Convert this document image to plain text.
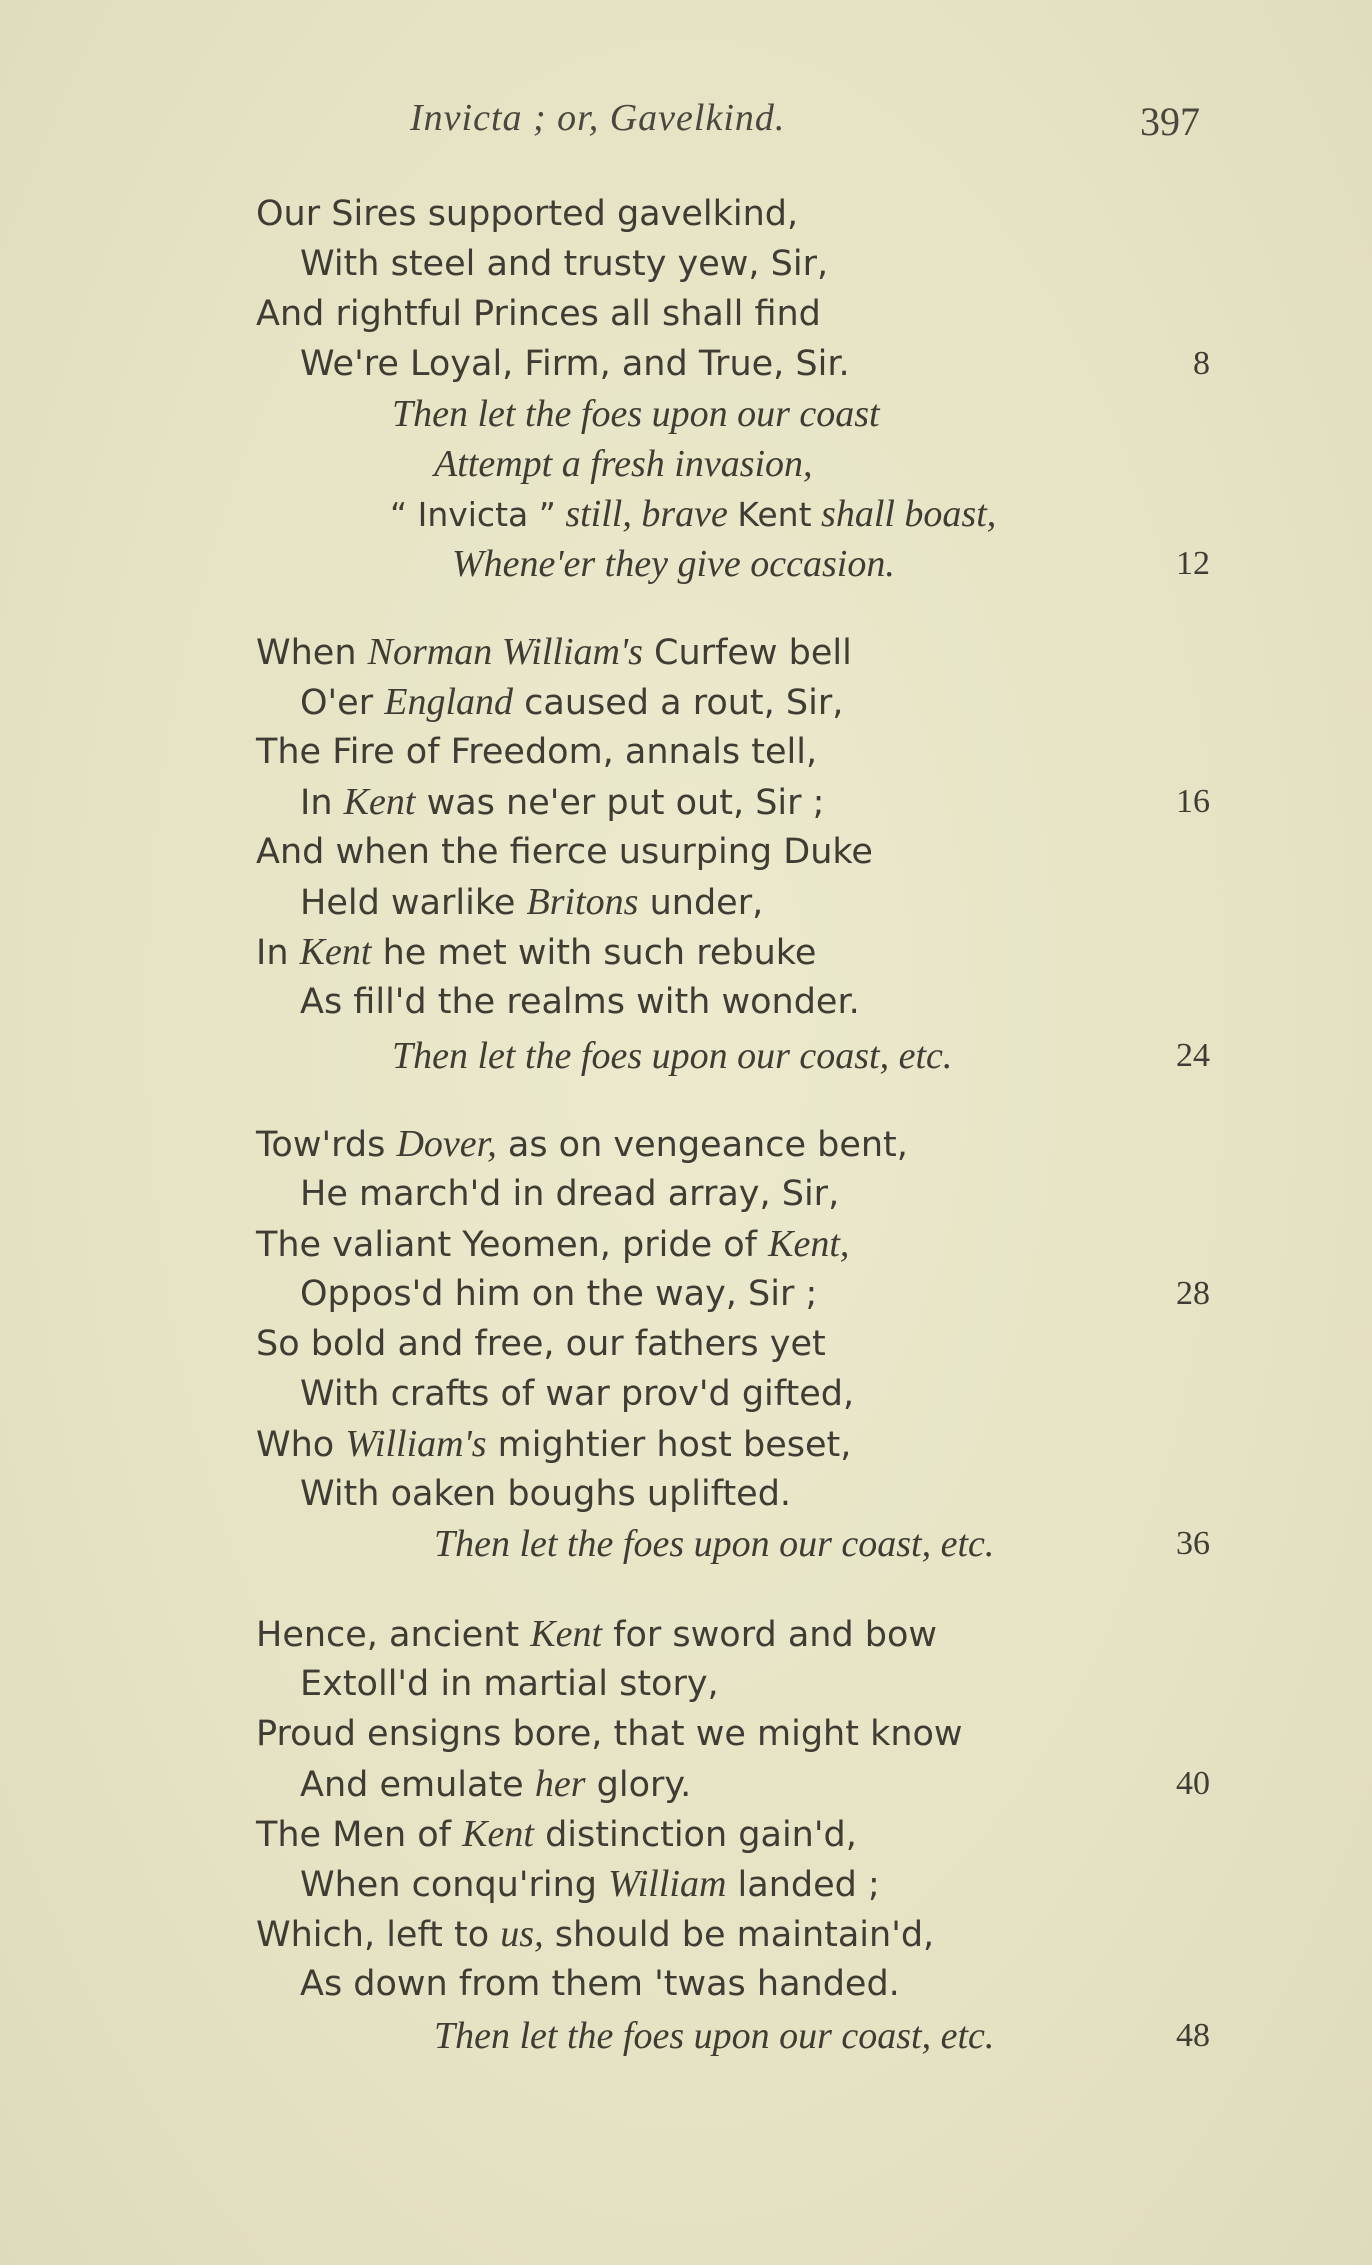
Invicta ; or, Gavelkind.	397
Our Sires supported gavelkind,
With steel and trusty yew, Sir,
And rightful Princes all shall find
We're Loyal, Firm, and True, Sir.	8
Then let the foes upon our coast
Attempt a fresh invasion,
“ Invicta ” still, brave Kent shall boast,
Whene'er they give occasion.	12
When Norman William's Curfew bell
O'er England caused a rout, Sir,
The Fire of Freedom, annals tell,
In Kent was ne'er put out, Sir ;	16
And when the fierce usurping Duke
Held warlike Britons under,
In Kent he met with such rebuke
As fill'd the realms with wonder.
Then let the foes upon our coast, etc.	24
Tow'rds Dover, as on vengeance bent,
He march'd in dread array, Sir,
The valiant Yeomen, pride of Kent,
Oppos'd him on the way, Sir ;	28
So bold and free, our fathers yet
With crafts of war prov'd gifted,
Who William's mightier host beset,
With oaken boughs uplifted.
Then let the foes upon our coast, etc.	36
Hence, ancient Kent for sword and bow
Extoll'd in martial story,
Proud ensigns bore, that we might know
And emulate her glory.	40
The Men of Kent distinction gain'd,
When conqu'ring William landed ;
Which, left to us, should be maintain'd,
As down from them 'twas handed.
Then let the foes upon our coast, etc.	48
